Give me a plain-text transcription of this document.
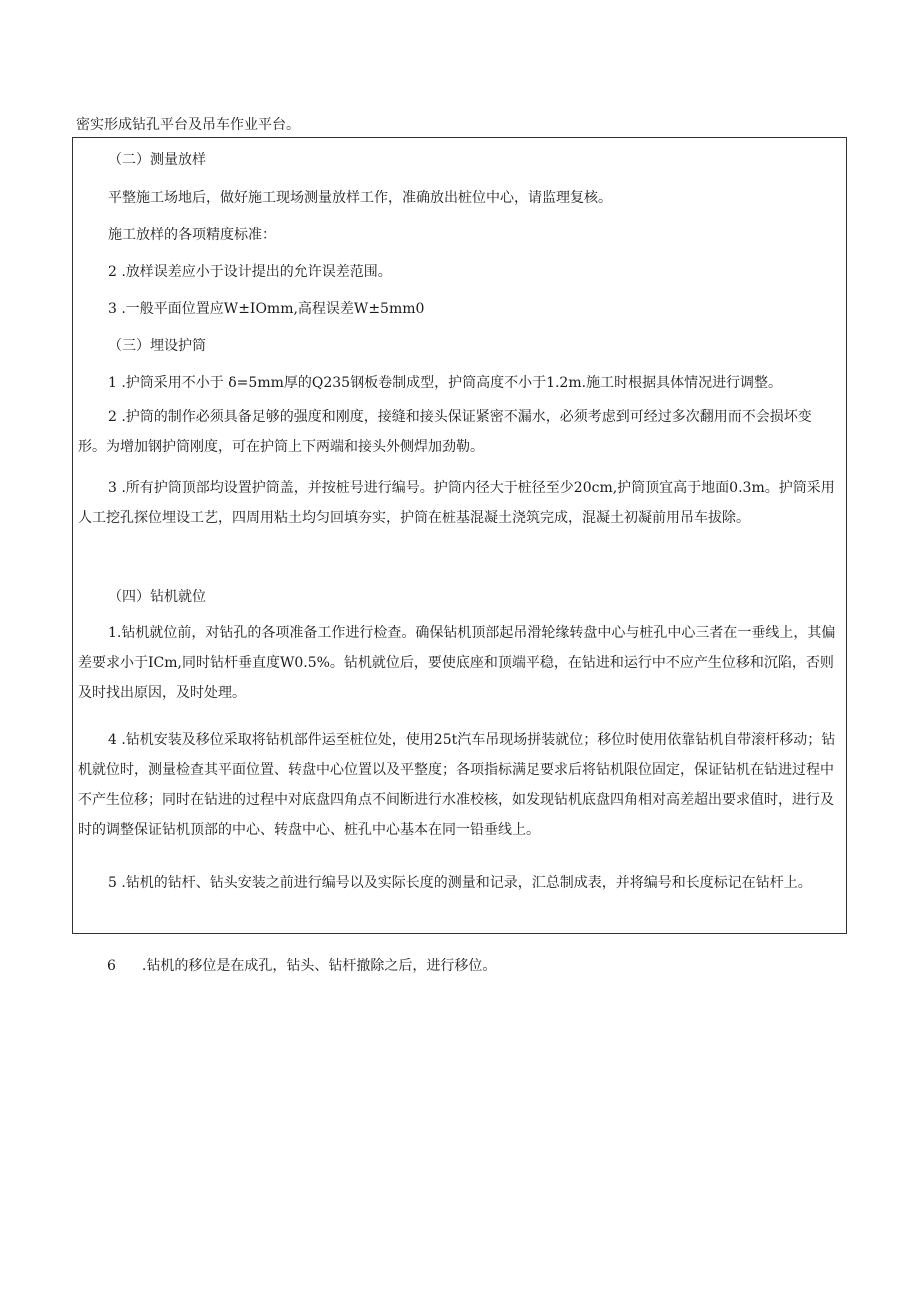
密实形成钻孔平台及吊车作业平台。

（二）测量放样

平整施工场地后，做好施工现场测量放样工作，准确放出桩位中心，请监理复核。

施工放样的各项精度标准：

2 .放样误差应小于设计提出的允许误差范围。

3 .一般平面位置应W±IOmm,高程误差W±5mm0

（三）埋设护筒

1 .护筒采用不小于 δ=5mm厚的Q235钢板卷制成型，护筒高度不小于1.2m.施工时根据具体情况进行调整。

2 .护筒的制作必须具备足够的强度和刚度，接缝和接头保证紧密不漏水，必须考虑到可经过多次翻用而不会损坏变形。为增加钢护筒刚度，可在护筒上下两端和接头外侧焊加劲勒。

3 .所有护筒顶部均设置护筒盖，并按桩号进行编号。护筒内径大于桩径至少20cm,护筒顶宜高于地面0.3m。护筒采用人工挖孔探位埋设工艺，四周用粘土均匀回填夯实，护筒在桩基混凝土浇筑完成，混凝土初凝前用吊车拔除。

（四）钻机就位

1.钻机就位前，对钻孔的各项准备工作进行检查。确保钻机顶部起吊滑轮缘转盘中心与桩孔中心三者在一垂线上，其偏差要求小于ICm,同时钻杆垂直度W0.5%。钻机就位后，要使底座和顶端平稳，在钻进和运行中不应产生位移和沉陷，否则及时找出原因，及时处理。

4 .钻机安装及移位采取将钻机部件运至桩位处，使用25t汽车吊现场拼装就位；移位时使用依靠钻机自带滚杆移动；钻机就位时，测量检查其平面位置、转盘中心位置以及平整度；各项指标满足要求后将钻机限位固定，保证钻机在钻进过程中不产生位移；同时在钻进的过程中对底盘四角点不间断进行水准校核，如发现钻机底盘四角相对高差超出要求值时，进行及时的调整保证钻机顶部的中心、转盘中心、桩孔中心基本在同一铅垂线上。

5 .钻机的钻杆、钻头安装之前进行编号以及实际长度的测量和记录，汇总制成表，并将编号和长度标记在钻杆上。

6 .钻机的移位是在成孔，钻头、钻杆撤除之后，进行移位。
